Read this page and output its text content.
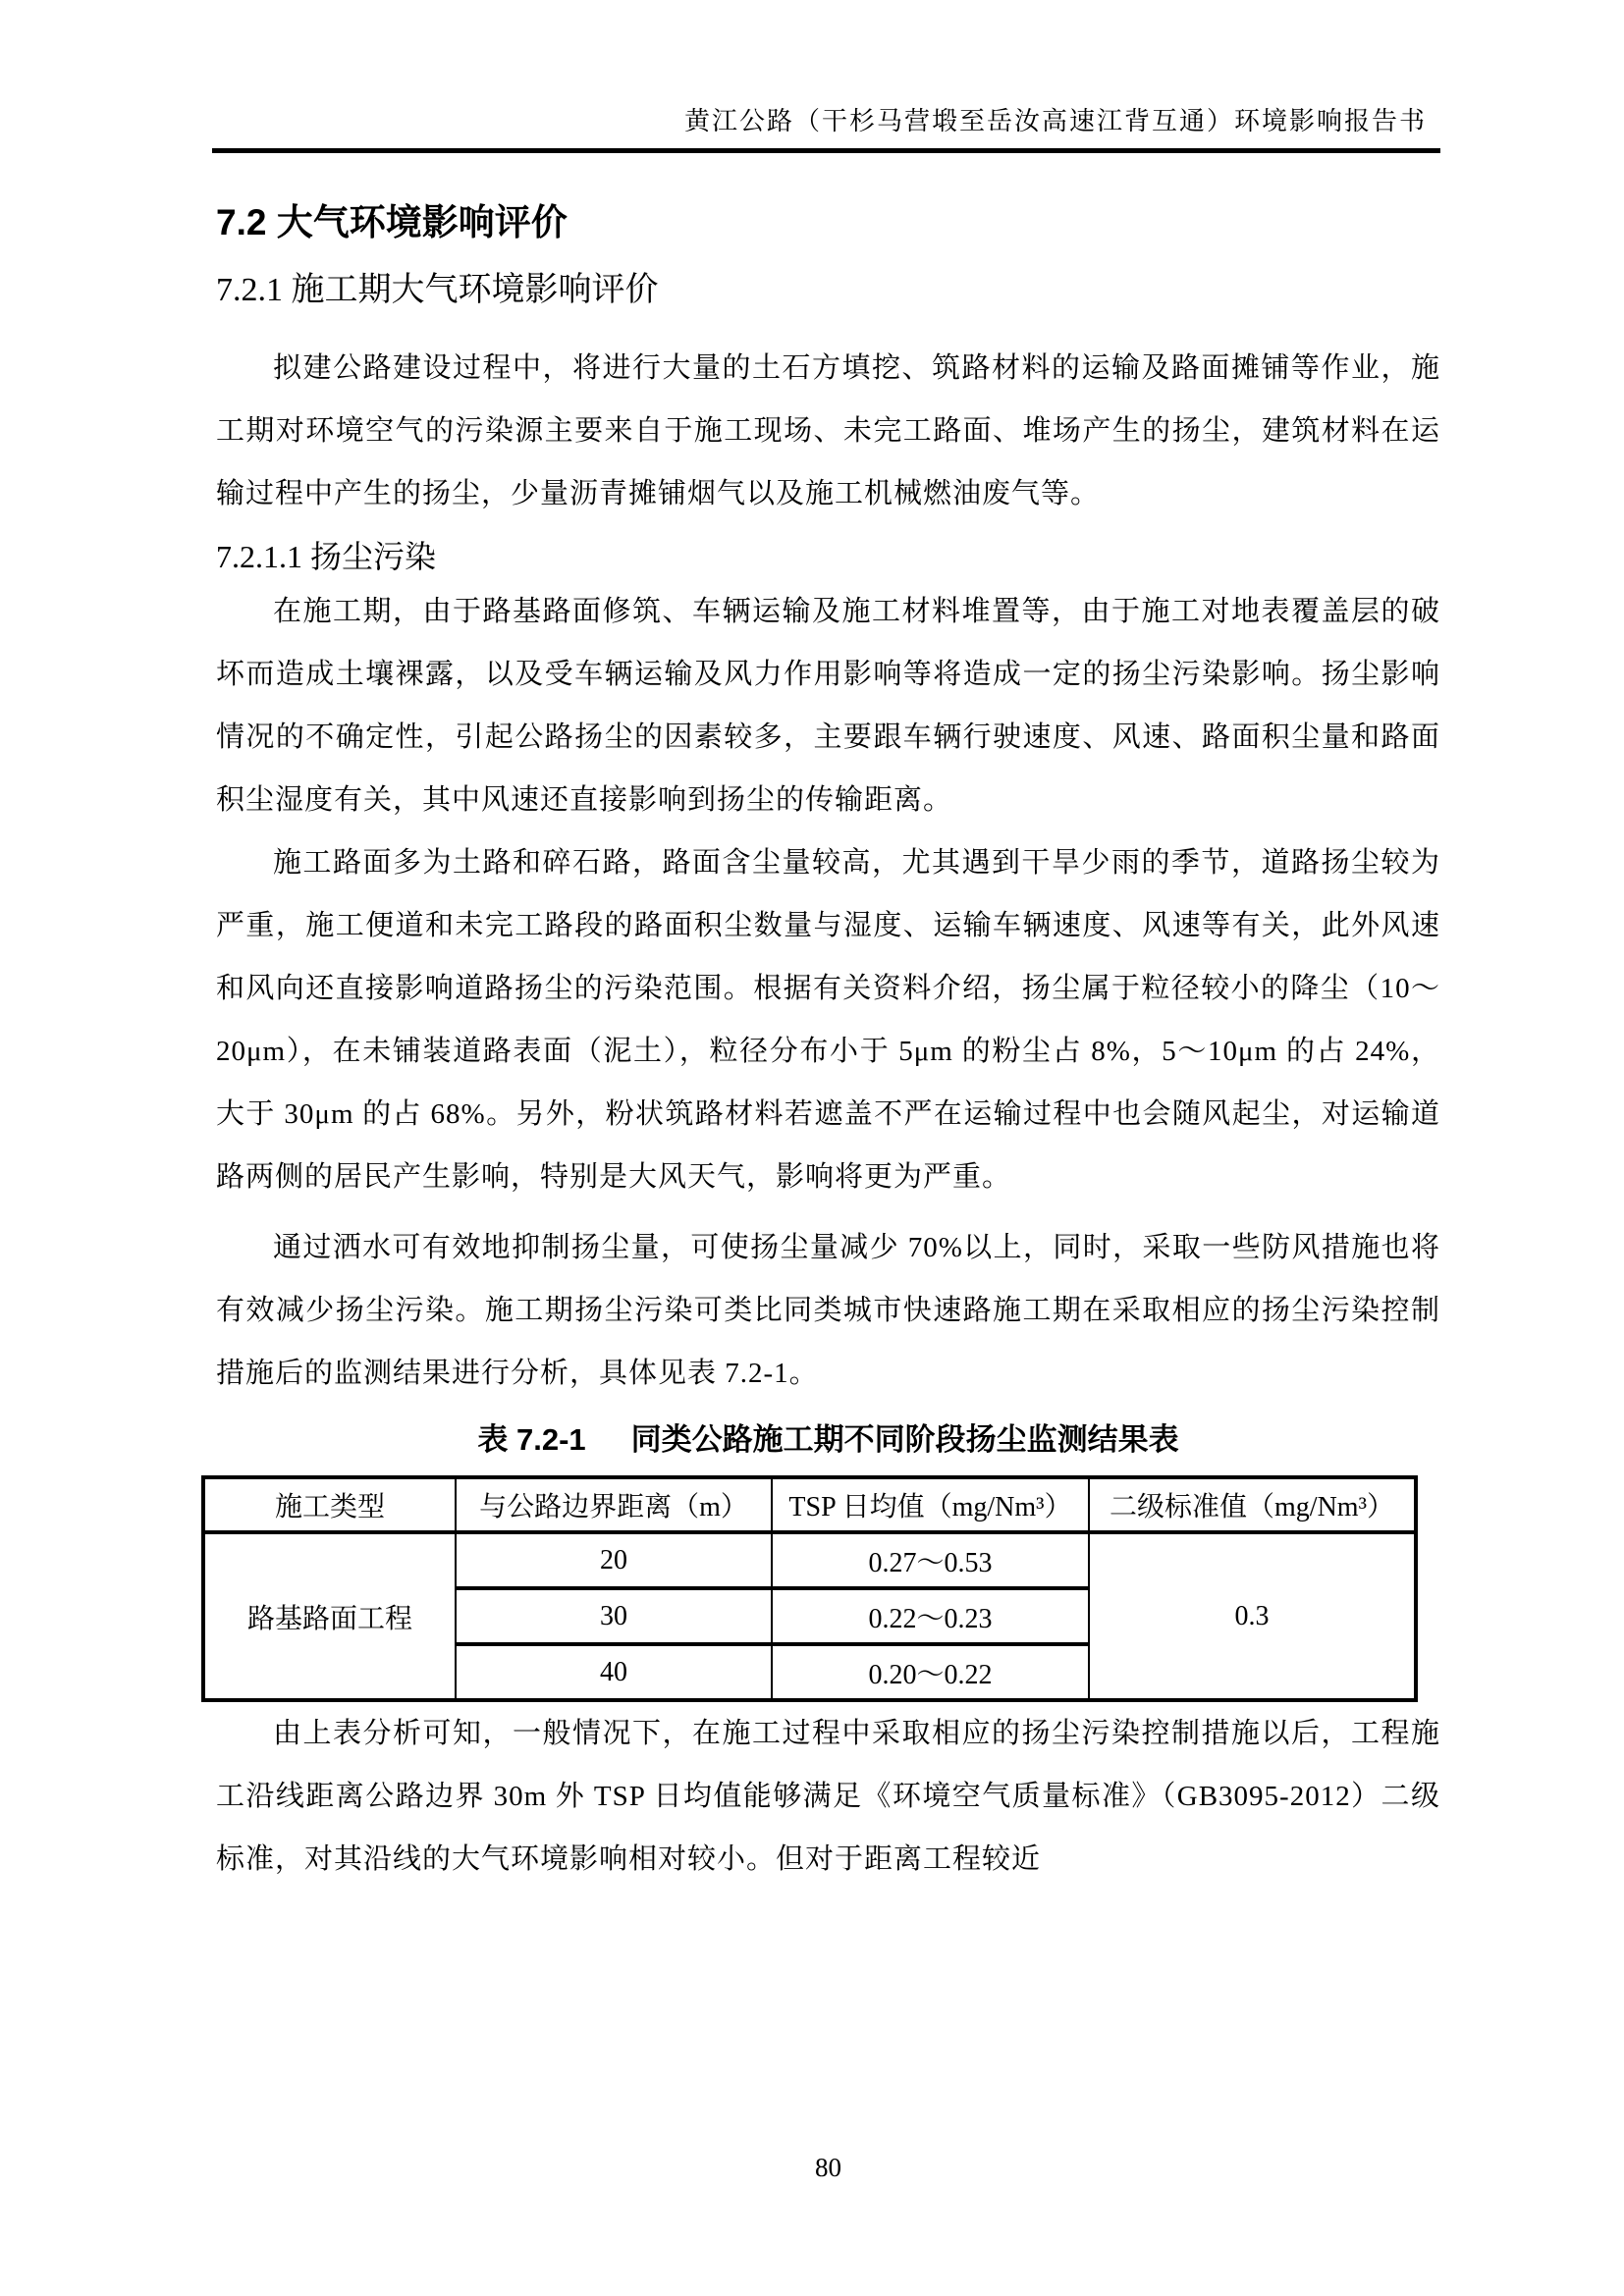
黄江公路（干杉马营塅至岳汝高速江背互通）环境影响报告书
7.2 大气环境影响评价
7.2.1 施工期大气环境影响评价

拟建公路建设过程中，将进行大量的土石方填挖、筑路材料的运输及路面摊铺等作业，施工期对环境空气的污染源主要来自于施工现场、未完工路面、堆场产生的扬尘，建筑材料在运输过程中产生的扬尘，少量沥青摊铺烟气以及施工机械燃油废气等。

7.2.1.1 扬尘污染

在施工期，由于路基路面修筑、车辆运输及施工材料堆置等，由于施工对地表覆盖层的破坏而造成土壤裸露，以及受车辆运输及风力作用影响等将造成一定的扬尘污染影响。扬尘影响情况的不确定性，引起公路扬尘的因素较多，主要跟车辆行驶速度、风速、路面积尘量和路面积尘湿度有关，其中风速还直接影响到扬尘的传输距离。

施工路面多为土路和碎石路，路面含尘量较高，尤其遇到干旱少雨的季节，道路扬尘较为严重，施工便道和未完工路段的路面积尘数量与湿度、运输车辆速度、风速等有关，此外风速和风向还直接影响道路扬尘的污染范围。根据有关资料介绍，扬尘属于粒径较小的降尘（10～20μm），在未铺装道路表面（泥土），粒径分布小于 5μm 的粉尘占 8%，5～10μm 的占 24%，大于 30μm 的占 68%。另外，粉状筑路材料若遮盖不严在运输过程中也会随风起尘，对运输道路两侧的居民产生影响，特别是大风天气，影响将更为严重。

通过洒水可有效地抑制扬尘量，可使扬尘量减少 70%以上，同时，采取一些防风措施也将有效减少扬尘污染。施工期扬尘污染可类比同类城市快速路施工期在采取相应的扬尘污染控制措施后的监测结果进行分析，具体见表 7.2-1。

表 7.2-1 同类公路施工期不同阶段扬尘监测结果表
施工类型	与公路边界距离（m）	TSP 日均值（mg/Nm³）	二级标准值（mg/Nm³）
路基路面工程	20	0.27～0.53	0.3
	30	0.22～0.23	
	40	0.20～0.22	

由上表分析可知，一般情况下，在施工过程中采取相应的扬尘污染控制措施以后，工程施工沿线距离公路边界 30m 外 TSP 日均值能够满足《环境空气质量标准》（GB3095-2012）二级标准，对其沿线的大气环境影响相对较小。但对于距离工程较近

80
